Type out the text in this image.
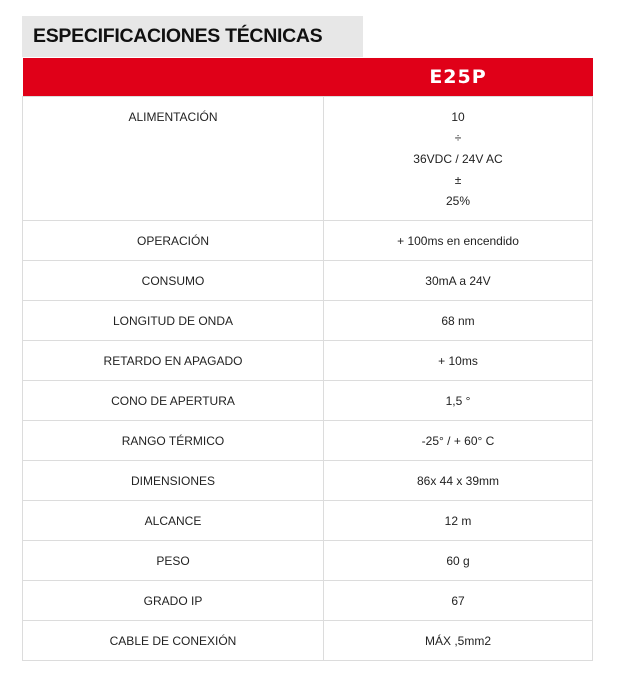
ESPECIFICACIONES TÉCNICAS
	E25P
ALIMENTACIÓN	10
÷
36VDC / 24V AC
±
25%

OPERACIÓN	+ 100ms en encendido
CONSUMO	30mA a 24V
LONGITUD DE ONDA	68 nm
RETARDO EN APAGADO	+ 10ms
CONO DE APERTURA	1,5 °
RANGO TÉRMICO	-25° / + 60° C
DIMENSIONES	86x 44 x 39mm
ALCANCE	12 m
PESO	60 g
GRADO IP	67
CABLE DE CONEXIÓN	MÁX ,5mm2
